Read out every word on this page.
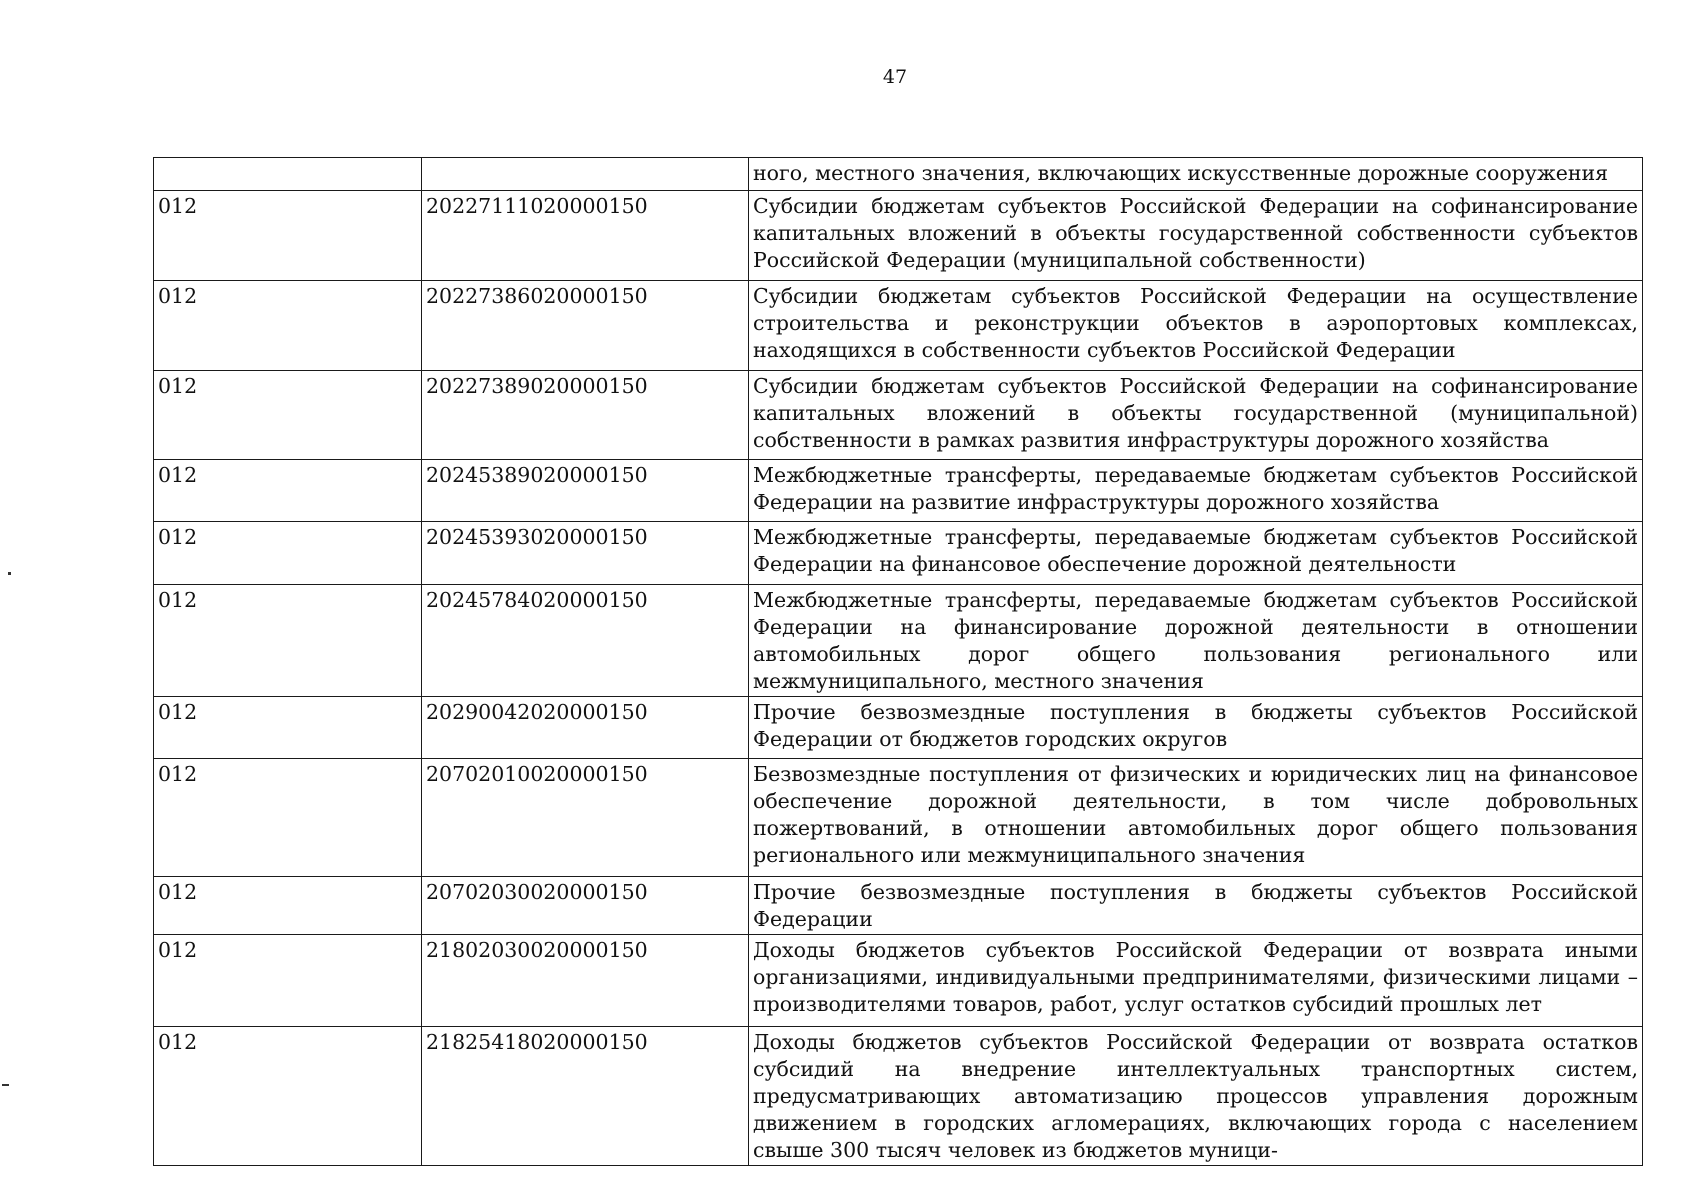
47
		ного, местного значения, включающих искусственные дорожные сооружения
012	20227111020000150	Субсидии бюджетам субъектов Российской Федерации на софинансирование капитальных вложений в объекты государственной собственности субъектов Российской Федерации (муниципальной собственности)
012	20227386020000150	Субсидии бюджетам субъектов Российской Федерации на осуществление строительства и реконструкции объектов в аэропортовых комплексах, находящихся в собственности субъектов Российской Федерации
012	20227389020000150	Субсидии бюджетам субъектов Российской Федерации на софинансирование капитальных вложений в объекты государственной (муниципальной) собственности в рамках развития инфраструктуры дорожного хозяйства
012	20245389020000150	Межбюджетные трансферты, передаваемые бюджетам субъектов Российской Федерации на развитие инфраструктуры дорожного хозяйства
012	20245393020000150	Межбюджетные трансферты, передаваемые бюджетам субъектов Российской Федерации на финансовое обеспечение дорожной деятельности
012	20245784020000150	Межбюджетные трансферты, передаваемые бюджетам субъектов Российской Федерации на финансирование дорожной деятельности в отношении автомобильных дорог общего пользования регионального или межмуниципального, местного значения
012	20290042020000150	Прочие безвозмездные поступления в бюджеты субъектов Российской Федерации от бюджетов городских округов
012	20702010020000150	Безвозмездные поступления от физических и юридических лиц на финансовое обеспечение дорожной деятельности, в том числе добровольных пожертвований, в отношении автомобильных дорог общего пользования регионального или межмуниципального значения
012	20702030020000150	Прочие безвозмездные поступления в бюджеты субъектов Российской Федерации
012	21802030020000150	Доходы бюджетов субъектов Российской Федерации от возврата иными организациями, индивидуальными предпринимателями, физическими лицами – производителями товаров, работ, услуг остатков субсидий прошлых лет
012	21825418020000150	Доходы бюджетов субъектов Российской Федерации от возврата остатков субсидий на внедрение интеллектуальных транспортных систем, предусматривающих автоматизацию процессов управления дорожным движением в городских агломерациях, включающих города с населением свыше 300 тысяч человек из бюджетов муници-
